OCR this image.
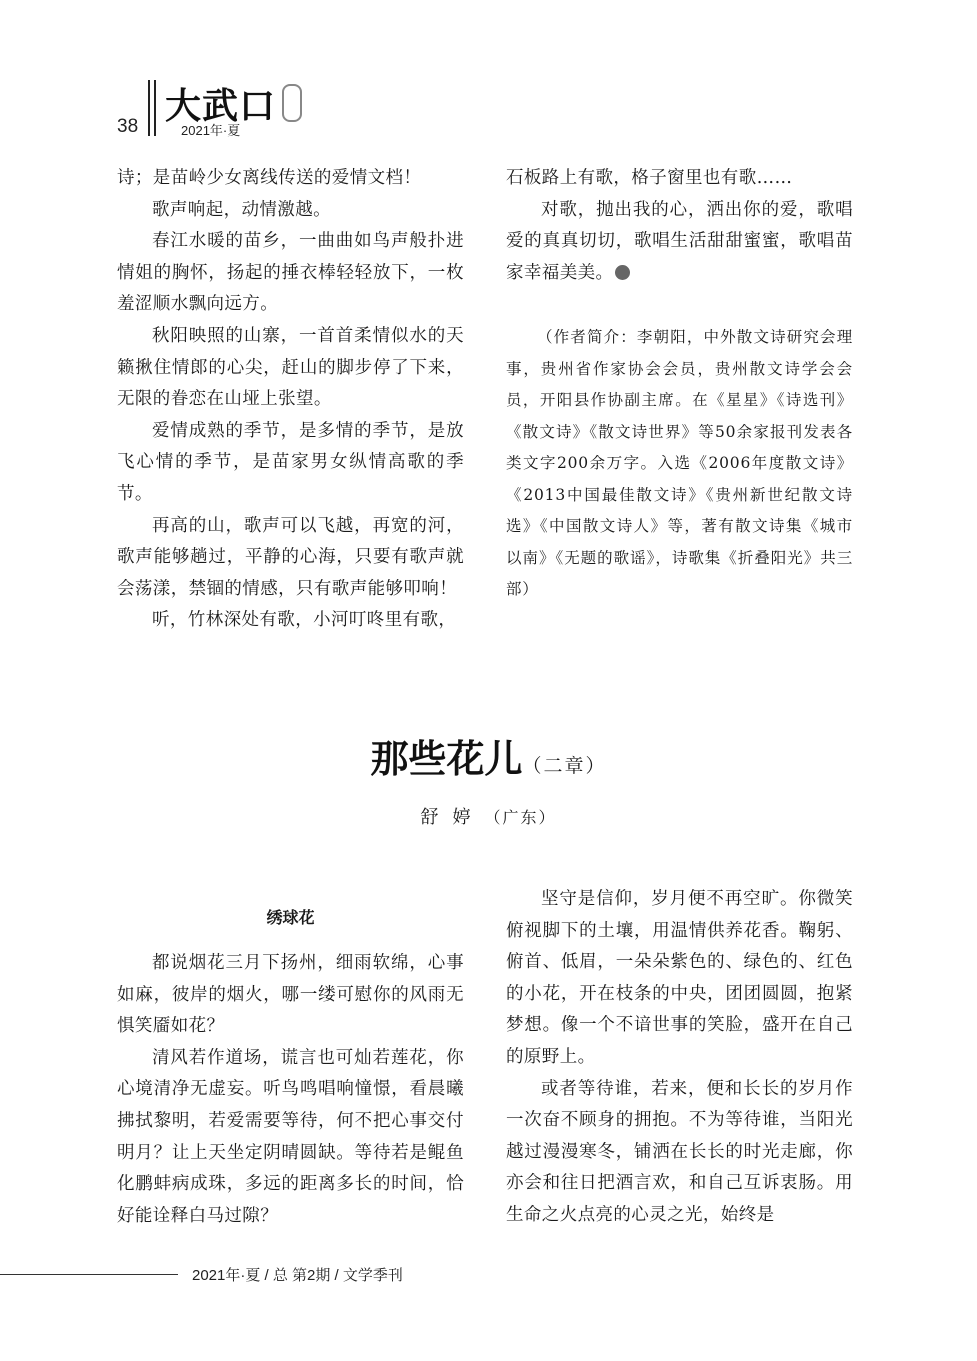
38 大武口
2021年·夏

诗；是苗岭少女离线传送的爱情文档！

歌声响起，动情激越。

春江水暖的苗乡，一曲曲如鸟声般扑进情姐的胸怀，扬起的捶衣棒轻轻放下，一枚羞涩顺水飘向远方。

秋阳映照的山寨，一首首柔情似水的天籁揪住情郎的心尖，赶山的脚步停了下来，无限的眷恋在山垭上张望。

爱情成熟的季节，是多情的季节，是放飞心情的季节，是苗家男女纵情高歌的季节。

再高的山，歌声可以飞越，再宽的河，歌声能够趟过，平静的心海，只要有歌声就会荡漾，禁锢的情感，只有歌声能够叩响！

听，竹林深处有歌，小河叮咚里有歌，

石板路上有歌，格子窗里也有歌……

对歌，抛出我的心，洒出你的爱，歌唱爱的真真切切，歌唱生活甜甜蜜蜜，歌唱苗家幸福美美。

（作者简介：李朝阳，中外散文诗研究会理事，贵州省作家协会会员，贵州散文诗学会会员，开阳县作协副主席。在《星星》《诗选刊》《散文诗》《散文诗世界》等50余家报刊发表各类文字200余万字。入选《2006年度散文诗》《2013中国最佳散文诗》《贵州新世纪散文诗选》《中国散文诗人》等，著有散文诗集《城市以南》《无题的歌谣》，诗歌集《折叠阳光》共三部）

那些花儿（二章）
舒婷（广东）
绣球花

都说烟花三月下扬州，细雨软绵，心事如麻，彼岸的烟火，哪一缕可慰你的风雨无惧笑靥如花？

清风若作道场，谎言也可灿若莲花，你心境清净无虚妄。听鸟鸣唱响憧憬，看晨曦拂拭黎明，若爱需要等待，何不把心事交付明月？让上天坐定阴晴圆缺。等待若是鲲鱼化鹏蚌病成珠，多远的距离多长的时间，恰好能诠释白马过隙？

坚守是信仰，岁月便不再空旷。你微笑俯视脚下的土壤，用温情供养花香。鞠躬、俯首、低眉，一朵朵紫色的、绿色的、红色的小花，开在枝条的中央，团团圆圆，抱紧梦想。像一个不谙世事的笑脸，盛开在自己的原野上。

或者等待谁，若来，便和长长的岁月作一次奋不顾身的拥抱。不为等待谁，当阳光越过漫漫寒冬，铺洒在长长的时光走廊，你亦会和往日把酒言欢，和自己互诉衷肠。用生命之火点亮的心灵之光，始终是

2021年·夏 / 总 第2期 / 文学季刊
